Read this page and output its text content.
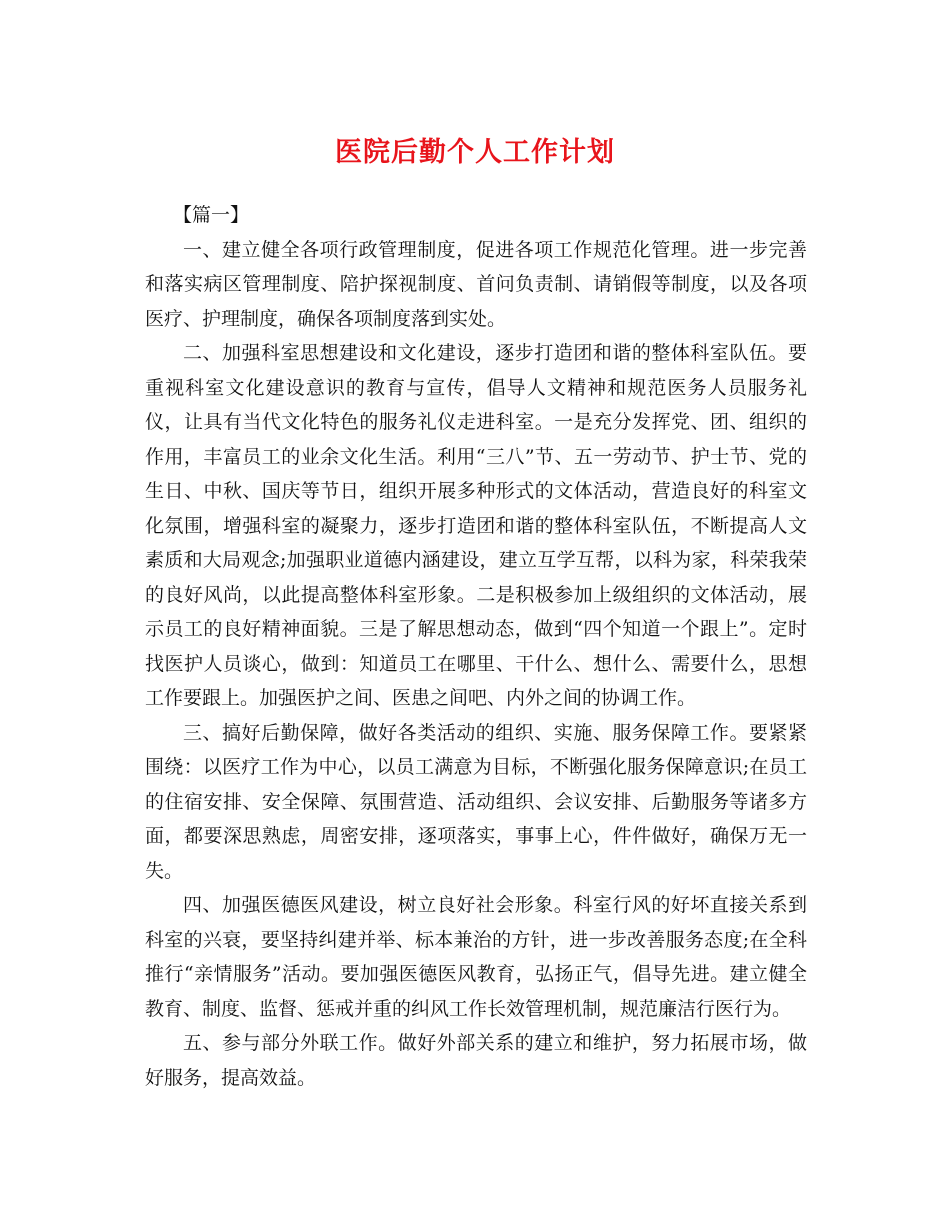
医院后勤个人工作计划

【篇一】

一、建立健全各项行政管理制度，促进各项工作规范化管理。进一步完善和落实病区管理制度、陪护探视制度、首问负责制、请销假等制度，以及各项医疗、护理制度，确保各项制度落到实处。

二、加强科室思想建设和文化建设，逐步打造团和谐的整体科室队伍。要重视科室文化建设意识的教育与宣传，倡导人文精神和规范医务人员服务礼仪，让具有当代文化特色的服务礼仪走进科室。一是充分发挥党、团、组织的作用，丰富员工的业余文化生活。利用“三八”节、五一劳动节、护士节、党的生日、中秋、国庆等节日，组织开展多种形式的文体活动，营造良好的科室文化氛围，增强科室的凝聚力，逐步打造团和谐的整体科室队伍，不断提高人文素质和大局观念;加强职业道德内涵建设，建立互学互帮，以科为家，科荣我荣的良好风尚，以此提高整体科室形象。二是积极参加上级组织的文体活动，展示员工的良好精神面貌。三是了解思想动态，做到“四个知道一个跟上”。定时找医护人员谈心，做到：知道员工在哪里、干什么、想什么、需要什么，思想工作要跟上。加强医护之间、医患之间吧、内外之间的协调工作。

三、搞好后勤保障，做好各类活动的组织、实施、服务保障工作。要紧紧围绕：以医疗工作为中心，以员工满意为目标，不断强化服务保障意识;在员工的住宿安排、安全保障、氛围营造、活动组织、会议安排、后勤服务等诸多方面，都要深思熟虑，周密安排，逐项落实，事事上心，件件做好，确保万无一失。

四、加强医德医风建设，树立良好社会形象。科室行风的好坏直接关系到科室的兴衰，要坚持纠建并举、标本兼治的方针，进一步改善服务态度;在全科推行“亲情服务”活动。要加强医德医风教育，弘扬正气，倡导先进。建立健全教育、制度、监督、惩戒并重的纠风工作长效管理机制，规范廉洁行医行为。

五、参与部分外联工作。做好外部关系的建立和维护，努力拓展市场，做好服务，提高效益。
